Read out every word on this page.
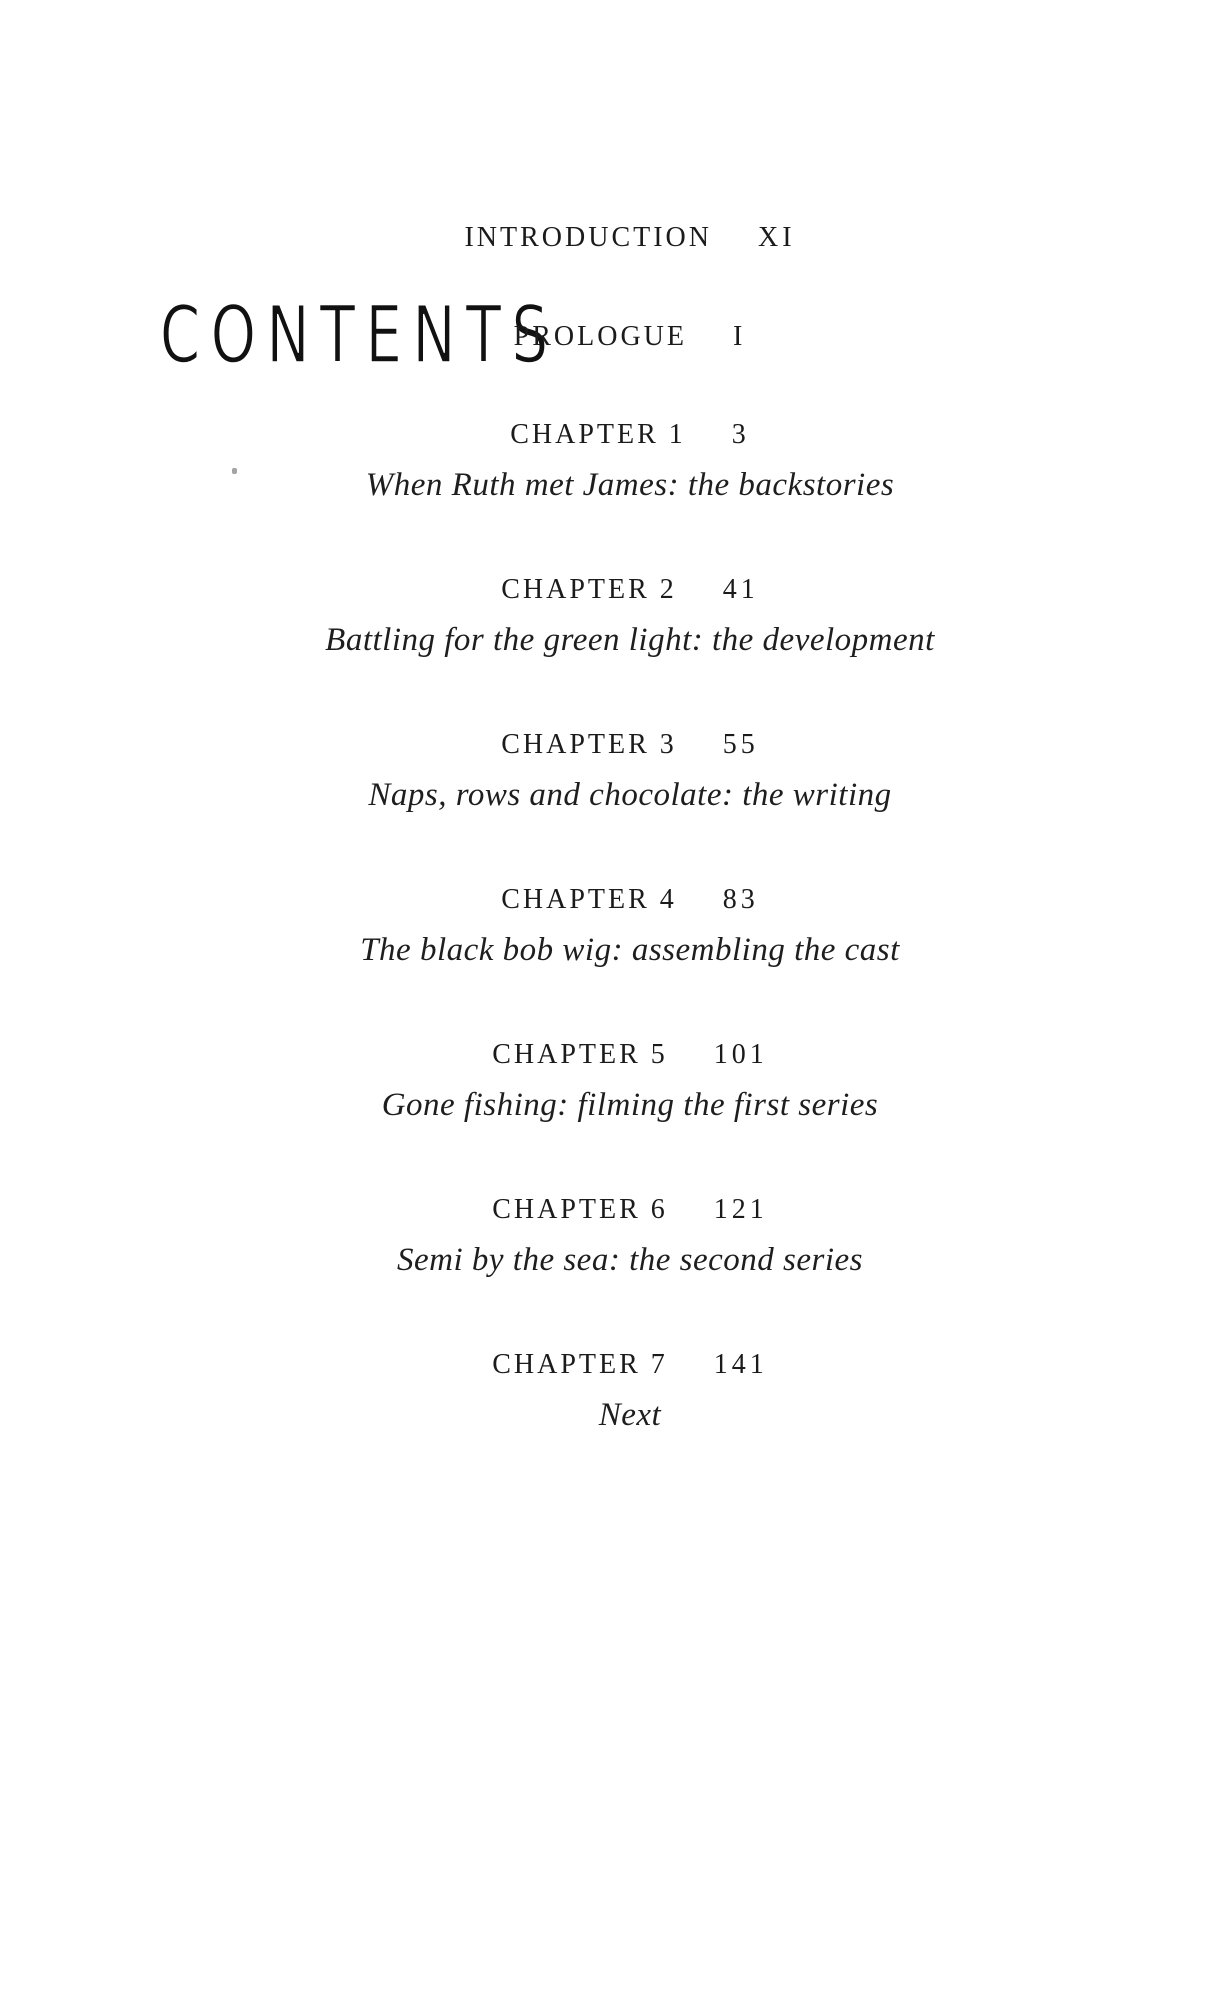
CONTENTS
INTRODUCTION XI
PROLOGUE I
CHAPTER 1 3
When Ruth met James: the backstories
CHAPTER 2 41
Battling for the green light: the development
CHAPTER 3 55
Naps, rows and chocolate: the writing
CHAPTER 4 83
The black bob wig: assembling the cast
CHAPTER 5 101
Gone fishing: filming the first series
CHAPTER 6 121
Semi by the sea: the second series
CHAPTER 7 141
Next
